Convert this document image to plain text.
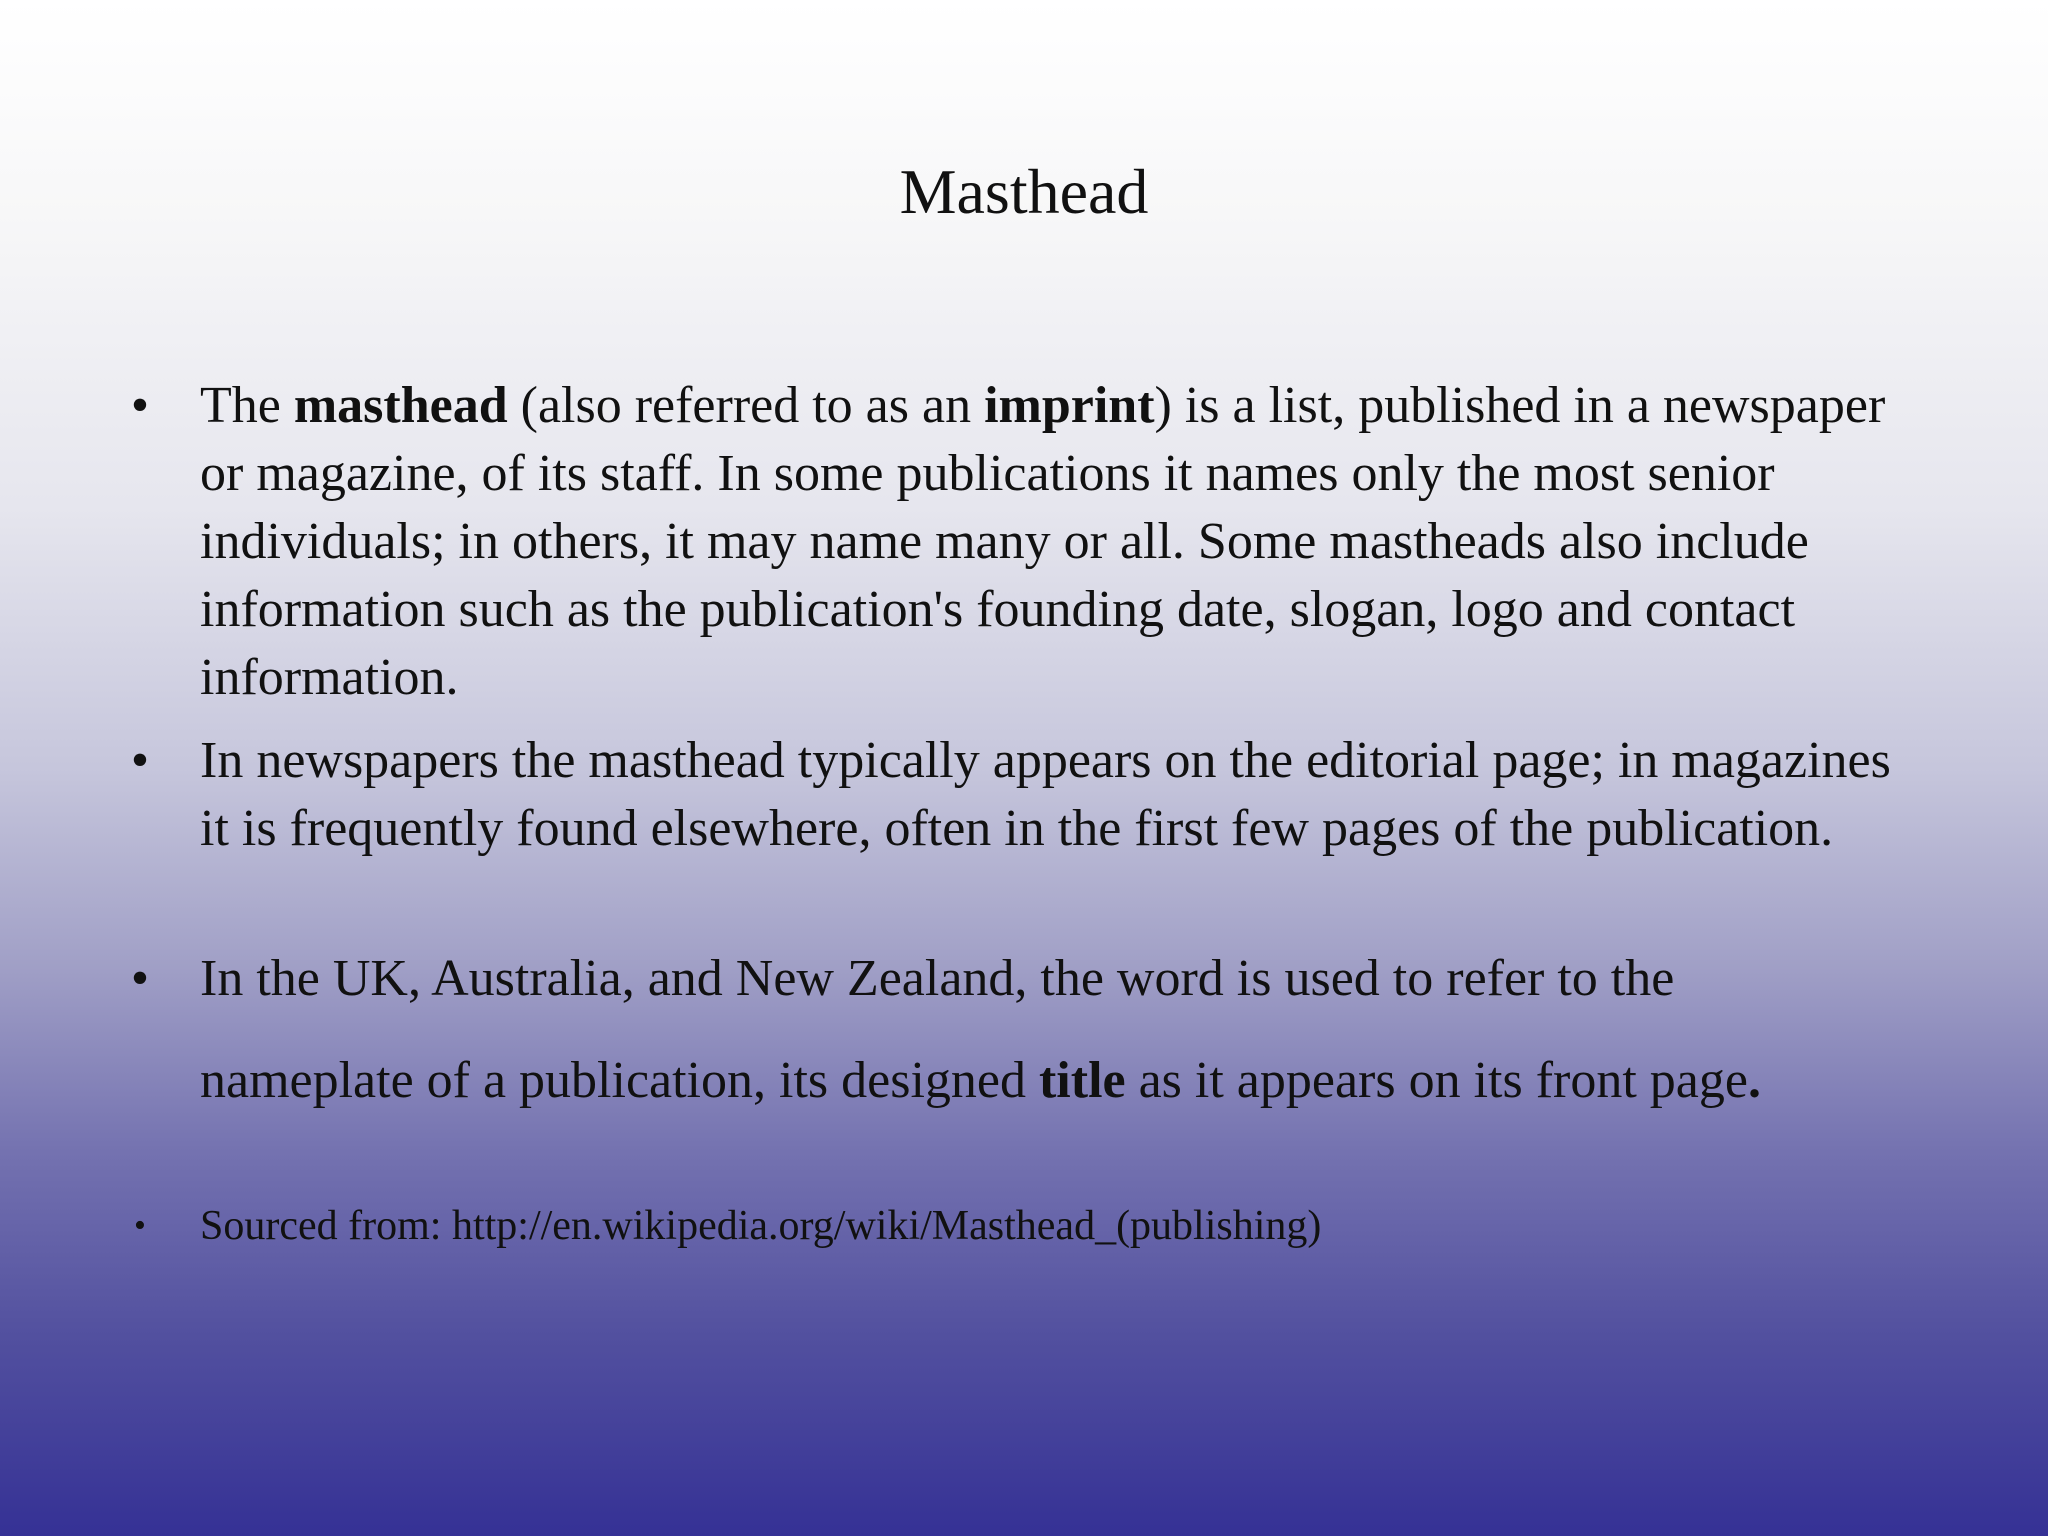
Masthead
• The masthead (also referred to as an imprint) is a list, published in a newspaper or magazine, of its staff. In some publications it names only the most senior individuals; in others, it may name many or all. Some mastheads also include information such as the publication's founding date, slogan, logo and contact information.
• In newspapers the masthead typically appears on the editorial page; in magazines it is frequently found elsewhere, often in the first few pages of the publication.
• In the UK, Australia, and New Zealand, the word is used to refer to the
nameplate of a publication, its designed title as it appears on its front page.
•	Sourced from: http://en.wikipedia.org/wiki/Masthead_(publishing)
